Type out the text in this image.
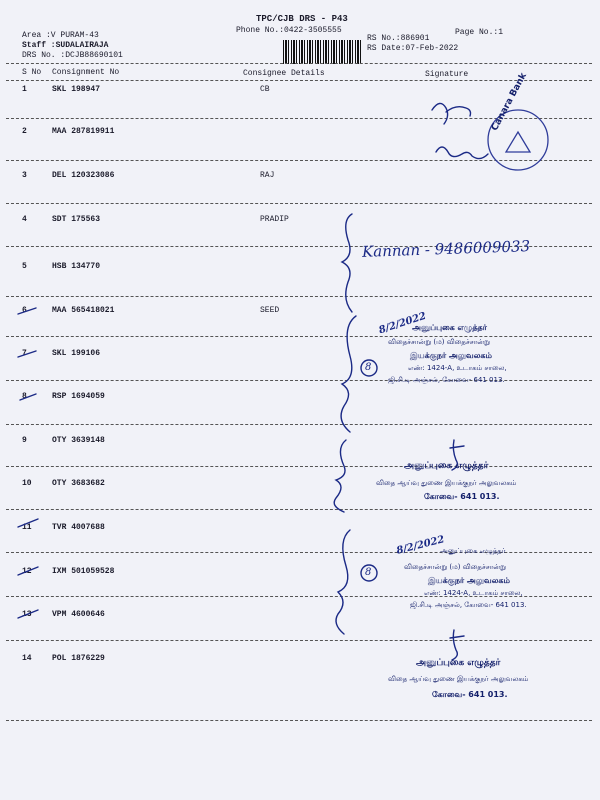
TPC/CJB DRS - P43
Phone No.:0422-3505555	Page No.:1
Area :V PURAM-43
Staff :SUDALAIRAJA
DRS No. :DCJB88690101
RS No.:886901
RS Date:07-Feb-2022
S No Consignment No	Consignee Details	Signature
1	SKL 198947	CB
2	MAA 287819911
3	DEL 120323086	RAJ
4	SDT 175563	PRADIP
5	HSB 134770
6	MAA 565418021	SEED
7	SKL 199106
8	RSP 1694059
9	OTY 3639148
10	OTY 3683682
11	TVR 4007688
12	IXM 501059528
13	VPM 4600646
14	POL 1876229
Canara Bank
8
8
Kannan - 9486009033
8/2/2022
அனுப்புகை எழுத்தர்
விதைச்சான்று (ம) விதைச்சான்று
இயக்குநர் அலுவலகம்
எண்: 1424-A, உடாகம் சாலை,
ஜி.சி.டி அஞ்சல், கோவை- 641 013.
அனுப்புகை எழுத்தர்
விதை ஆய்வு துணை இயக்குநர் அலுவலகம்
கோவை- 641 013.
8/2/2022
அனுப்புகை எழுத்தர்
விதைச்சான்று (ம) விதைச்சான்று
இயக்குநர் அலுவலகம்
எண்: 1424-A, உடாகம் சாலை,
ஜி.சி.டி அஞ்சல், கோவை- 641 013.
அனுப்புகை எழுத்தர்
விதை ஆய்வு துணை இயக்குநர் அலுவலகம்
கோவை- 641 013.
